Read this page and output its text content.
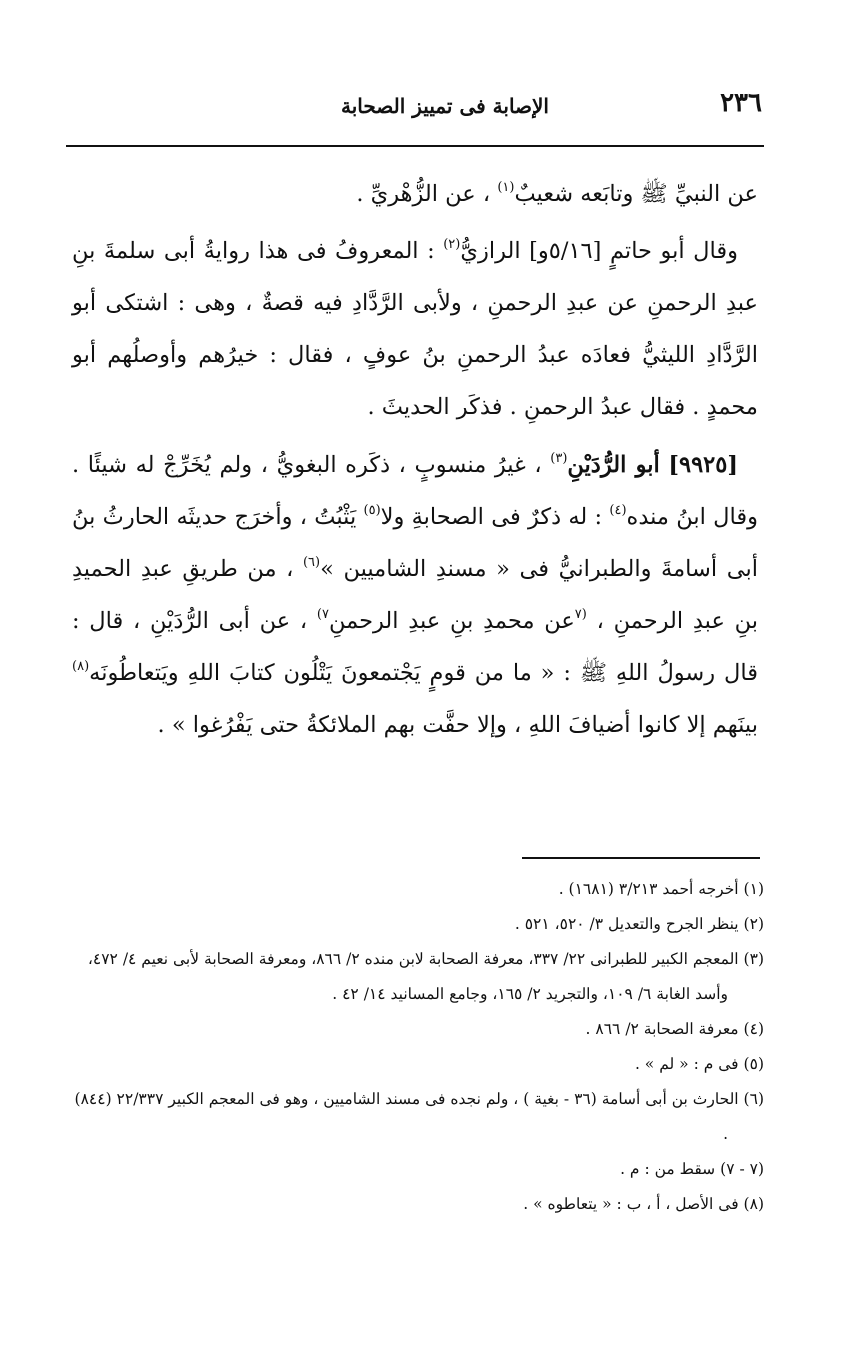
٢٣٦
الإصابة فى تمييز الصحابة

عن النبيِّ ﷺ وتابَعه شعيبٌ$^{(١)}$ ، عن الزُّهْريِّ .

وقال أبو حاتمٍ [٥/١٦و] الرازيُّ$^{(٢)}$ : المعروفُ فى هذا روايةُ أبى سلمةَ بنِ عبدِ الرحمنِ عن عبدِ الرحمنِ ، ولأبى الرَّدَّادِ فيه قصةٌ ، وهى : اشتكى أبو الرَّدَّادِ الليثيُّ فعادَه عبدُ الرحمنِ بنُ عوفٍ ، فقال : خيرُهم وأوصلُهم أبو محمدٍ . فقال عبدُ الرحمنِ . فذكَر الحديثَ .

[٩٩٢٥] أبو الرُّدَيْنِ$^{(٣)}$ ، غيرُ منسوبٍ ، ذكَره البغويُّ ، ولم يُخَرِّجْ له شيئًا . وقال ابنُ منده$^{(٤)}$ : له ذكرٌ فى الصحابةِ ولا$^{(٥)}$ يَثْبُتُ ، وأخرَج حديثَه الحارثُ بنُ أبى أسامةَ والطبرانيُّ فى « مسندِ الشاميين »$^{(٦)}$ ، من طريقِ عبدِ الحميدِ بنِ عبدِ الرحمنِ ، $^{(٧}$عن محمدِ بنِ عبدِ الرحمنِ$^{٧)}$ ، عن أبى الرُّدَيْنِ ، قال : قال رسولُ اللهِ ﷺ : « ما من قومٍ يَجْتمعونَ يَتْلُون كتابَ اللهِ ويَتعاطُونَه$^{(٨)}$ بينَهم إلا كانوا أضيافَ اللهِ ، وإلا حفَّت بهم الملائكةُ حتى يَفْرُغوا » .

(١) أخرجه أحمد ٣/٢١٣ (١٦٨١) .

(٢) ينظر الجرح والتعديل ٣/ ٥٢٠، ٥٢١ .

(٣) المعجم الكبير للطبرانى ٢٢/ ٣٣٧، معرفة الصحابة لابن منده ٢/ ٨٦٦، ومعرفة الصحابة لأبى نعيم ٤/ ٤٧٢، وأسد الغابة ٦/ ١٠٩، والتجريد ٢/ ١٦٥، وجامع المسانيد ١٤/ ٤٢ .

(٤) معرفة الصحابة ٢/ ٨٦٦ .

(٥) فى م : « لم » .

(٦) الحارث بن أبى أسامة (٣٦ - بغية ) ، ولم نجده فى مسند الشاميين ، وهو فى المعجم الكبير ٢٢/٣٣٧ (٨٤٤) .

(٧ - ٧) سقط من : م .

(٨) فى الأصل ، أ ، ب : « يتعاطوه » .
